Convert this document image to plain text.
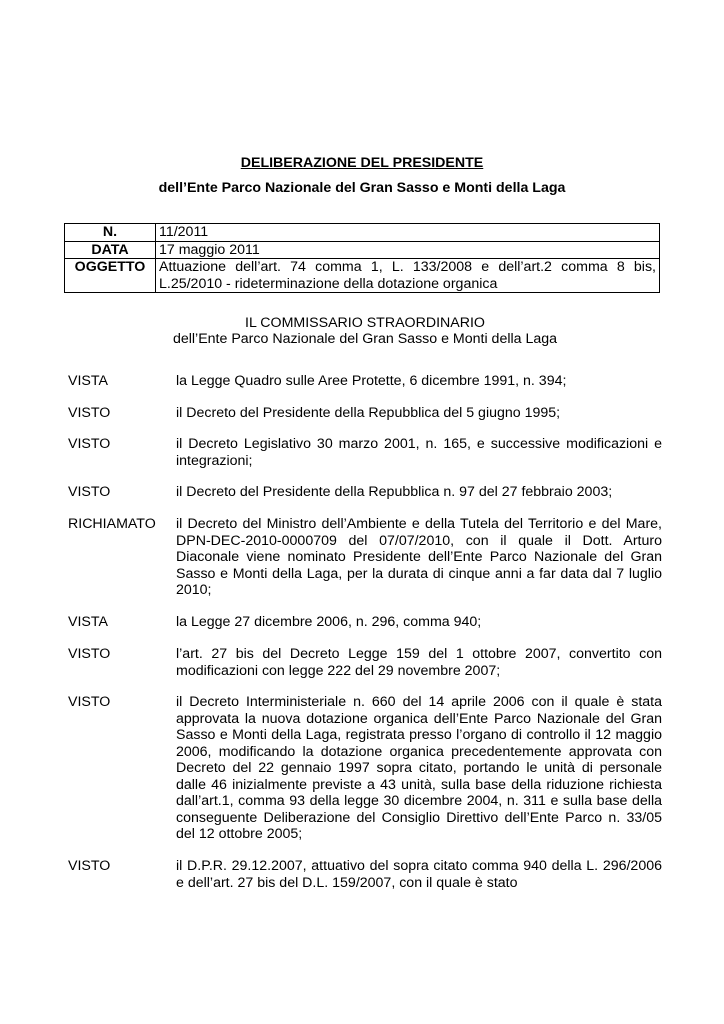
DELIBERAZIONE DEL PRESIDENTE
dell’Ente Parco Nazionale del Gran Sasso e Monti della Laga
N.	11/2011
DATA	17 maggio 2011
OGGETTO	Attuazione dell’art. 74 comma 1, L. 133/2008 e dell’art.2 comma 8 bis, L.25/2010 - rideterminazione della dotazione organica
IL COMMISSARIO STRAORDINARIO
dell’Ente Parco Nazionale del Gran Sasso e Monti della Laga
VISTA	la Legge Quadro sulle Aree Protette, 6 dicembre 1991, n. 394;
VISTO	il Decreto del Presidente della Repubblica del 5 giugno 1995;
VISTO	il Decreto Legislativo 30 marzo 2001, n. 165, e successive modificazioni e integrazioni;
VISTO	il Decreto del Presidente della Repubblica n. 97 del 27 febbraio 2003;
RICHIAMATO il Decreto del Ministro dell’Ambiente e della Tutela del Territorio e del Mare, DPN-DEC-2010-0000709 del 07/07/2010, con il quale il Dott. Arturo Diaconale viene nominato Presidente dell’Ente Parco Nazionale del Gran Sasso e Monti della Laga, per la durata di cinque anni a far data dal 7 luglio 2010;
VISTA	la Legge 27 dicembre 2006, n. 296, comma 940;
VISTO	l’art. 27 bis del Decreto Legge 159 del 1 ottobre 2007, convertito con modificazioni con legge 222 del 29 novembre 2007;
VISTO	il Decreto Interministeriale n. 660 del 14 aprile 2006 con il quale è stata approvata la nuova dotazione organica dell’Ente Parco Nazionale del Gran Sasso e Monti della Laga, registrata presso l’organo di controllo il 12 maggio 2006, modificando la dotazione organica precedentemente approvata con Decreto del 22 gennaio 1997 sopra citato, portando le unità di personale dalle 46 inizialmente previste a 43 unità, sulla base della riduzione richiesta dall’art.1, comma 93 della legge 30 dicembre 2004, n. 311 e sulla base della conseguente Deliberazione del Consiglio Direttivo dell’Ente Parco n. 33/05 del 12 ottobre 2005;
VISTO	il D.P.R. 29.12.2007, attuativo del sopra citato comma 940 della L. 296/2006 e dell’art. 27 bis del D.L. 159/2007, con il quale è stato
